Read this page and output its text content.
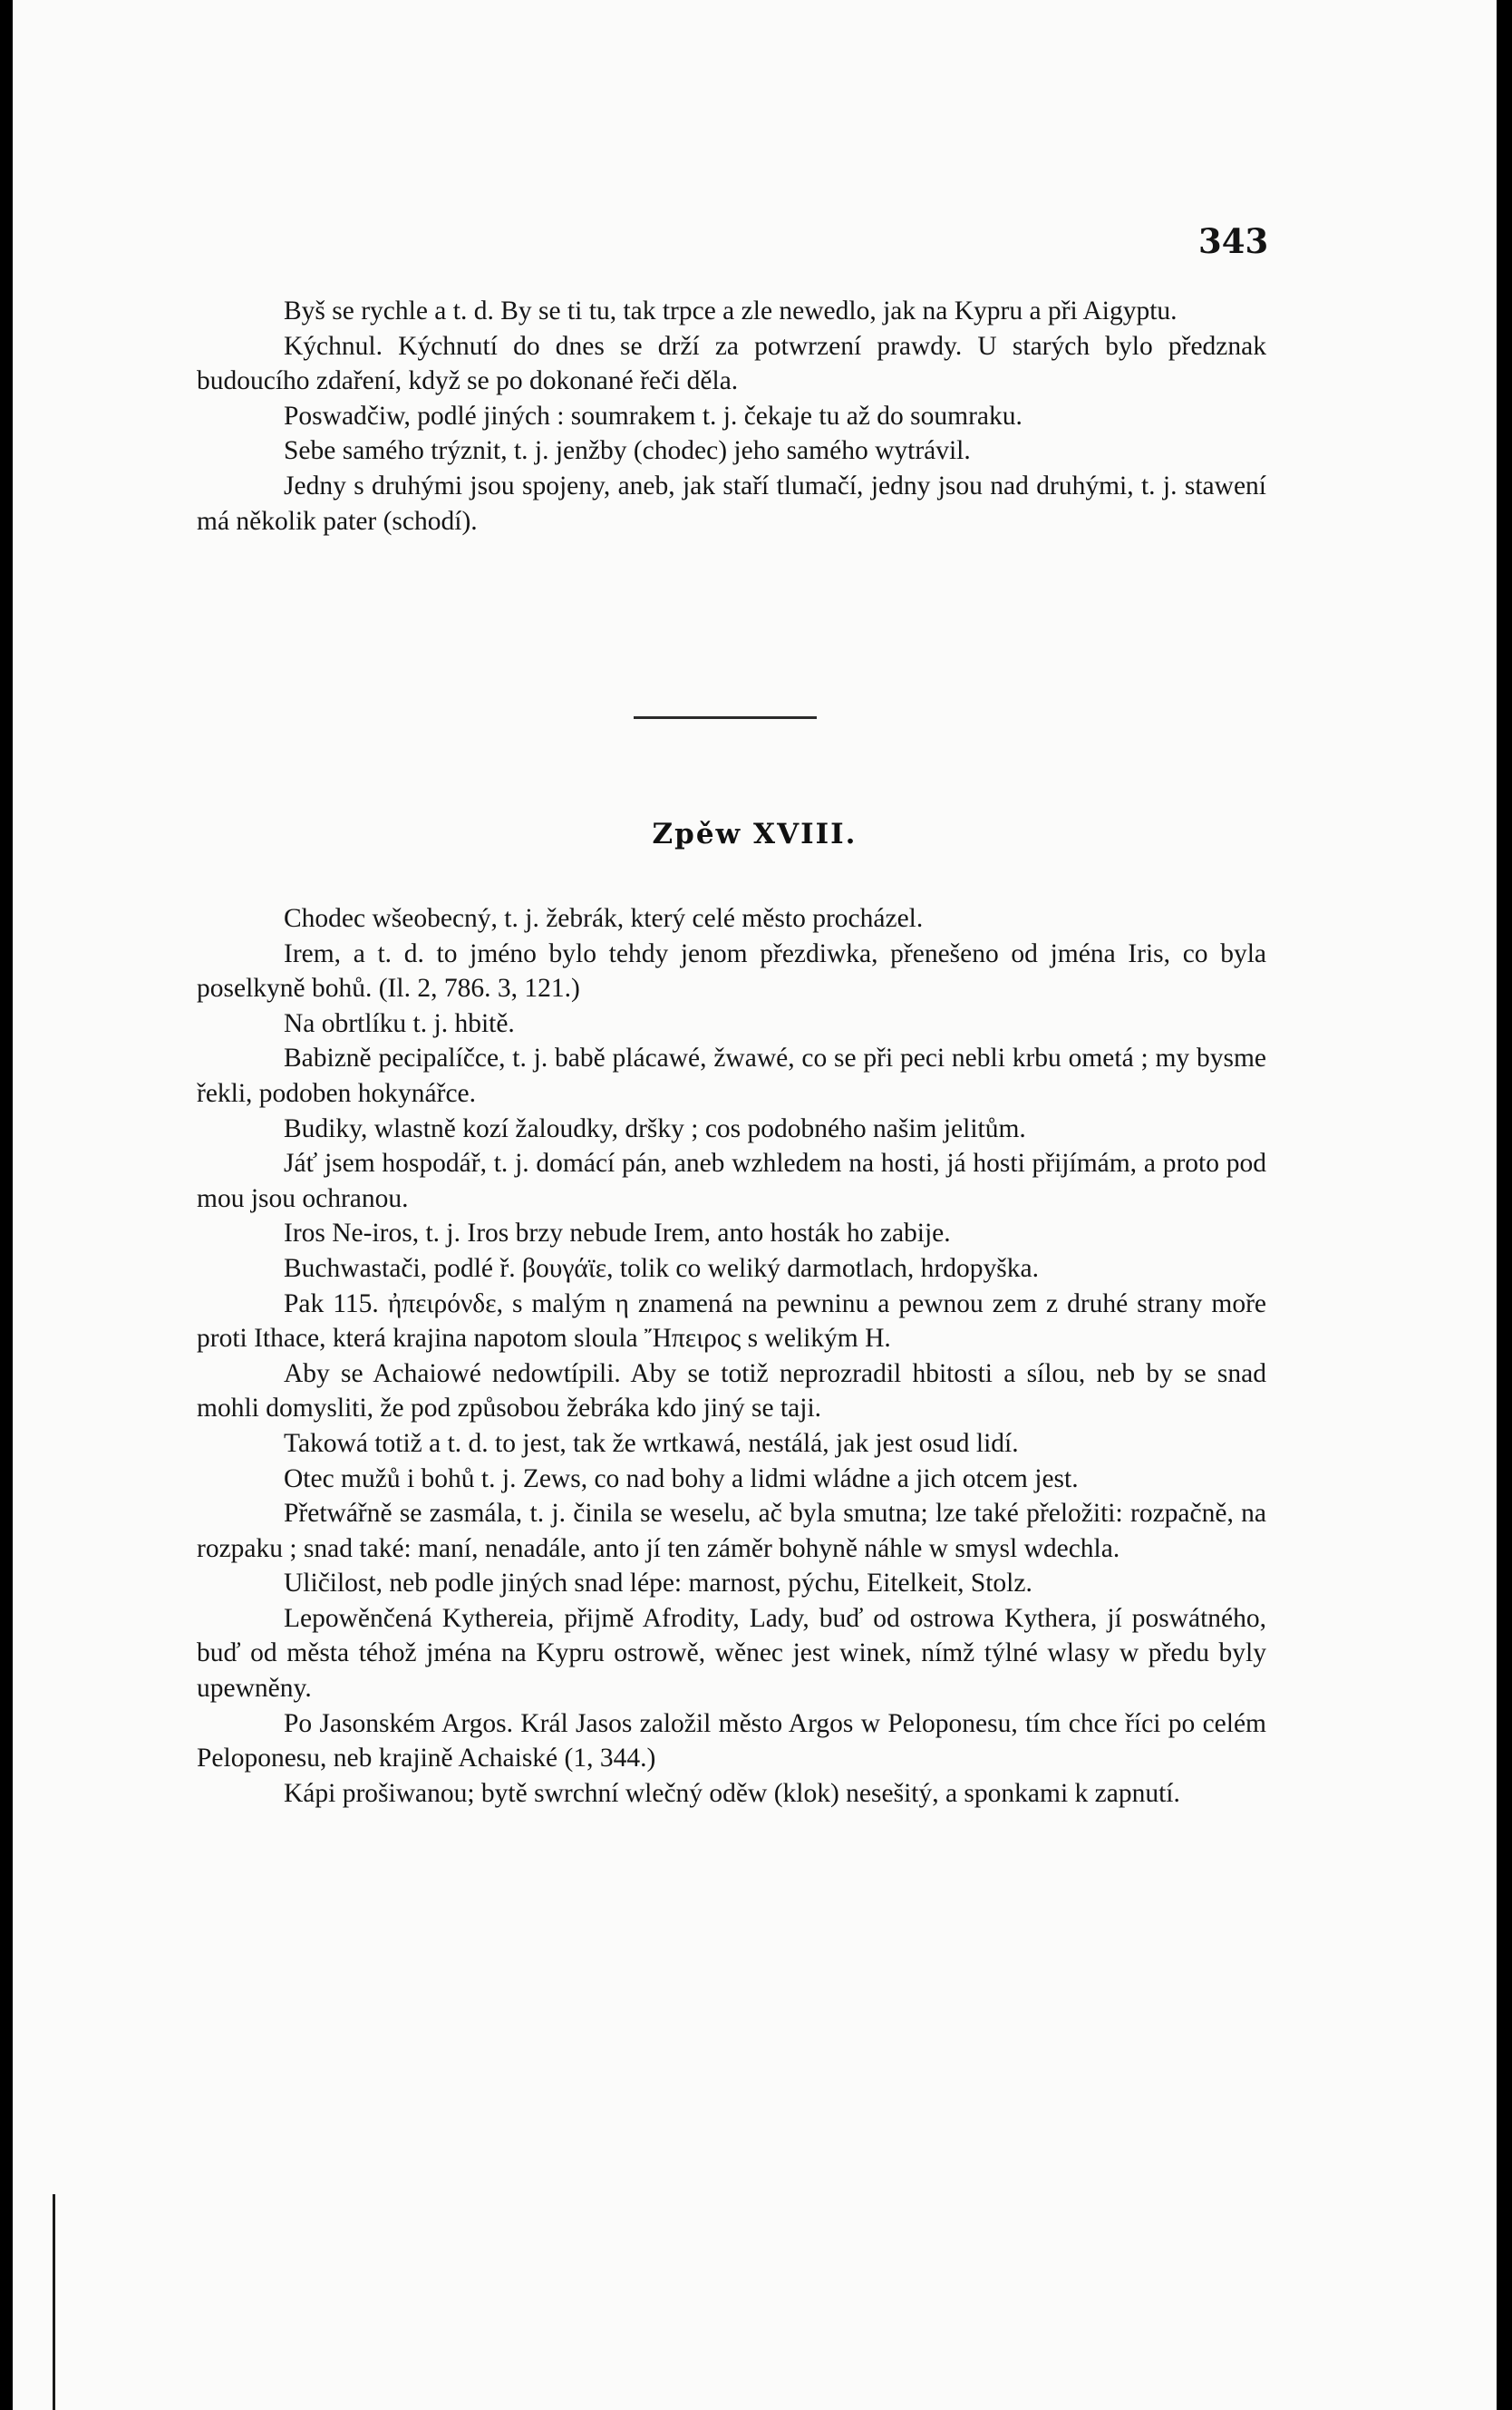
343

Byš se rychle a t. d. By se ti tu, tak trpce a zle newedlo, jak na Kypru a při Aigyptu.

Kýchnul. Kýchnutí do dnes se drží za potwrzení prawdy. U starých bylo předznak budoucího zdaření, když se po dokonané řeči děla.

Poswadčiw, podlé jiných : soumrakem t. j. čekaje tu až do soumraku.

Sebe samého trýznit, t. j. jenžby (chodec) jeho samého wytrávil.

Jedny s druhými jsou spojeny, aneb, jak staří tlumačí, jedny jsou nad druhými, t. j. stawení má několik pater (schodí).

Zpěw XVIII.

Chodec wšeobecný, t. j. žebrák, který celé město procházel.

Irem, a t. d. to jméno bylo tehdy jenom přezdiwka, přenešeno od jména Iris, co byla poselkyně bohů. (Il. 2, 786. 3, 121.)

Na obrtlíku t. j. hbitě.

Babizně pecipalíčce, t. j. babě plácawé, žwawé, co se při peci nebli krbu ometá ; my bysme řekli, podoben hokynářce.

Budiky, wlastně kozí žaloudky, dršky ; cos podobného našim jelitům.

Jáť jsem hospodář, t. j. domácí pán, aneb wzhledem na hosti, já hosti přijímám, a proto pod mou jsou ochranou.

Iros Ne-iros, t. j. Iros brzy nebude Irem, anto hosták ho zabije.

Buchwastači, podlé ř. βουγάϊε, tolik co weliký darmotlach, hrdopyška.

Pak 115. ἠπειρόνδε, s malým η znamená na pewninu a pewnou zem z druhé strany moře proti Ithace, která krajina napotom sloula Ἤπειρος s welikým Η.

Aby se Achaiowé nedowtípili. Aby se totiž neprozradil hbitosti a sílou, neb by se snad mohli domysliti, že pod způsobou žebráka kdo jiný se taji.

Takowá totiž a t. d. to jest, tak že wrtkawá, nestálá, jak jest osud lidí.

Otec mužů i bohů t. j. Zews, co nad bohy a lidmi wládne a jich otcem jest.

Přetwářně se zasmála, t. j. činila se weselu, ač byla smutna; lze také přeložiti: rozpačně, na rozpaku ; snad také: maní, nenadále, anto jí ten záměr bohyně náhle w smysl wdechla.

Uličilost, neb podle jiných snad lépe: marnost, pýchu, Eitelkeit, Stolz.

Lepowěnčená Kythereia, přijmě Afrodity, Lady, buď od ostrowa Kythera, jí poswátného, buď od města téhož jména na Kypru ostrowě, wěnec jest winek, nímž týlné wlasy w předu byly upewněny.

Po Jasonském Argos. Král Jasos založil město Argos w Peloponesu, tím chce říci po celém Peloponesu, neb krajině Achaiské (1, 344.)

Kápi prošiwanou; bytě swrchní wlečný oděw (klok) nesešitý, a sponkami k zapnutí.
